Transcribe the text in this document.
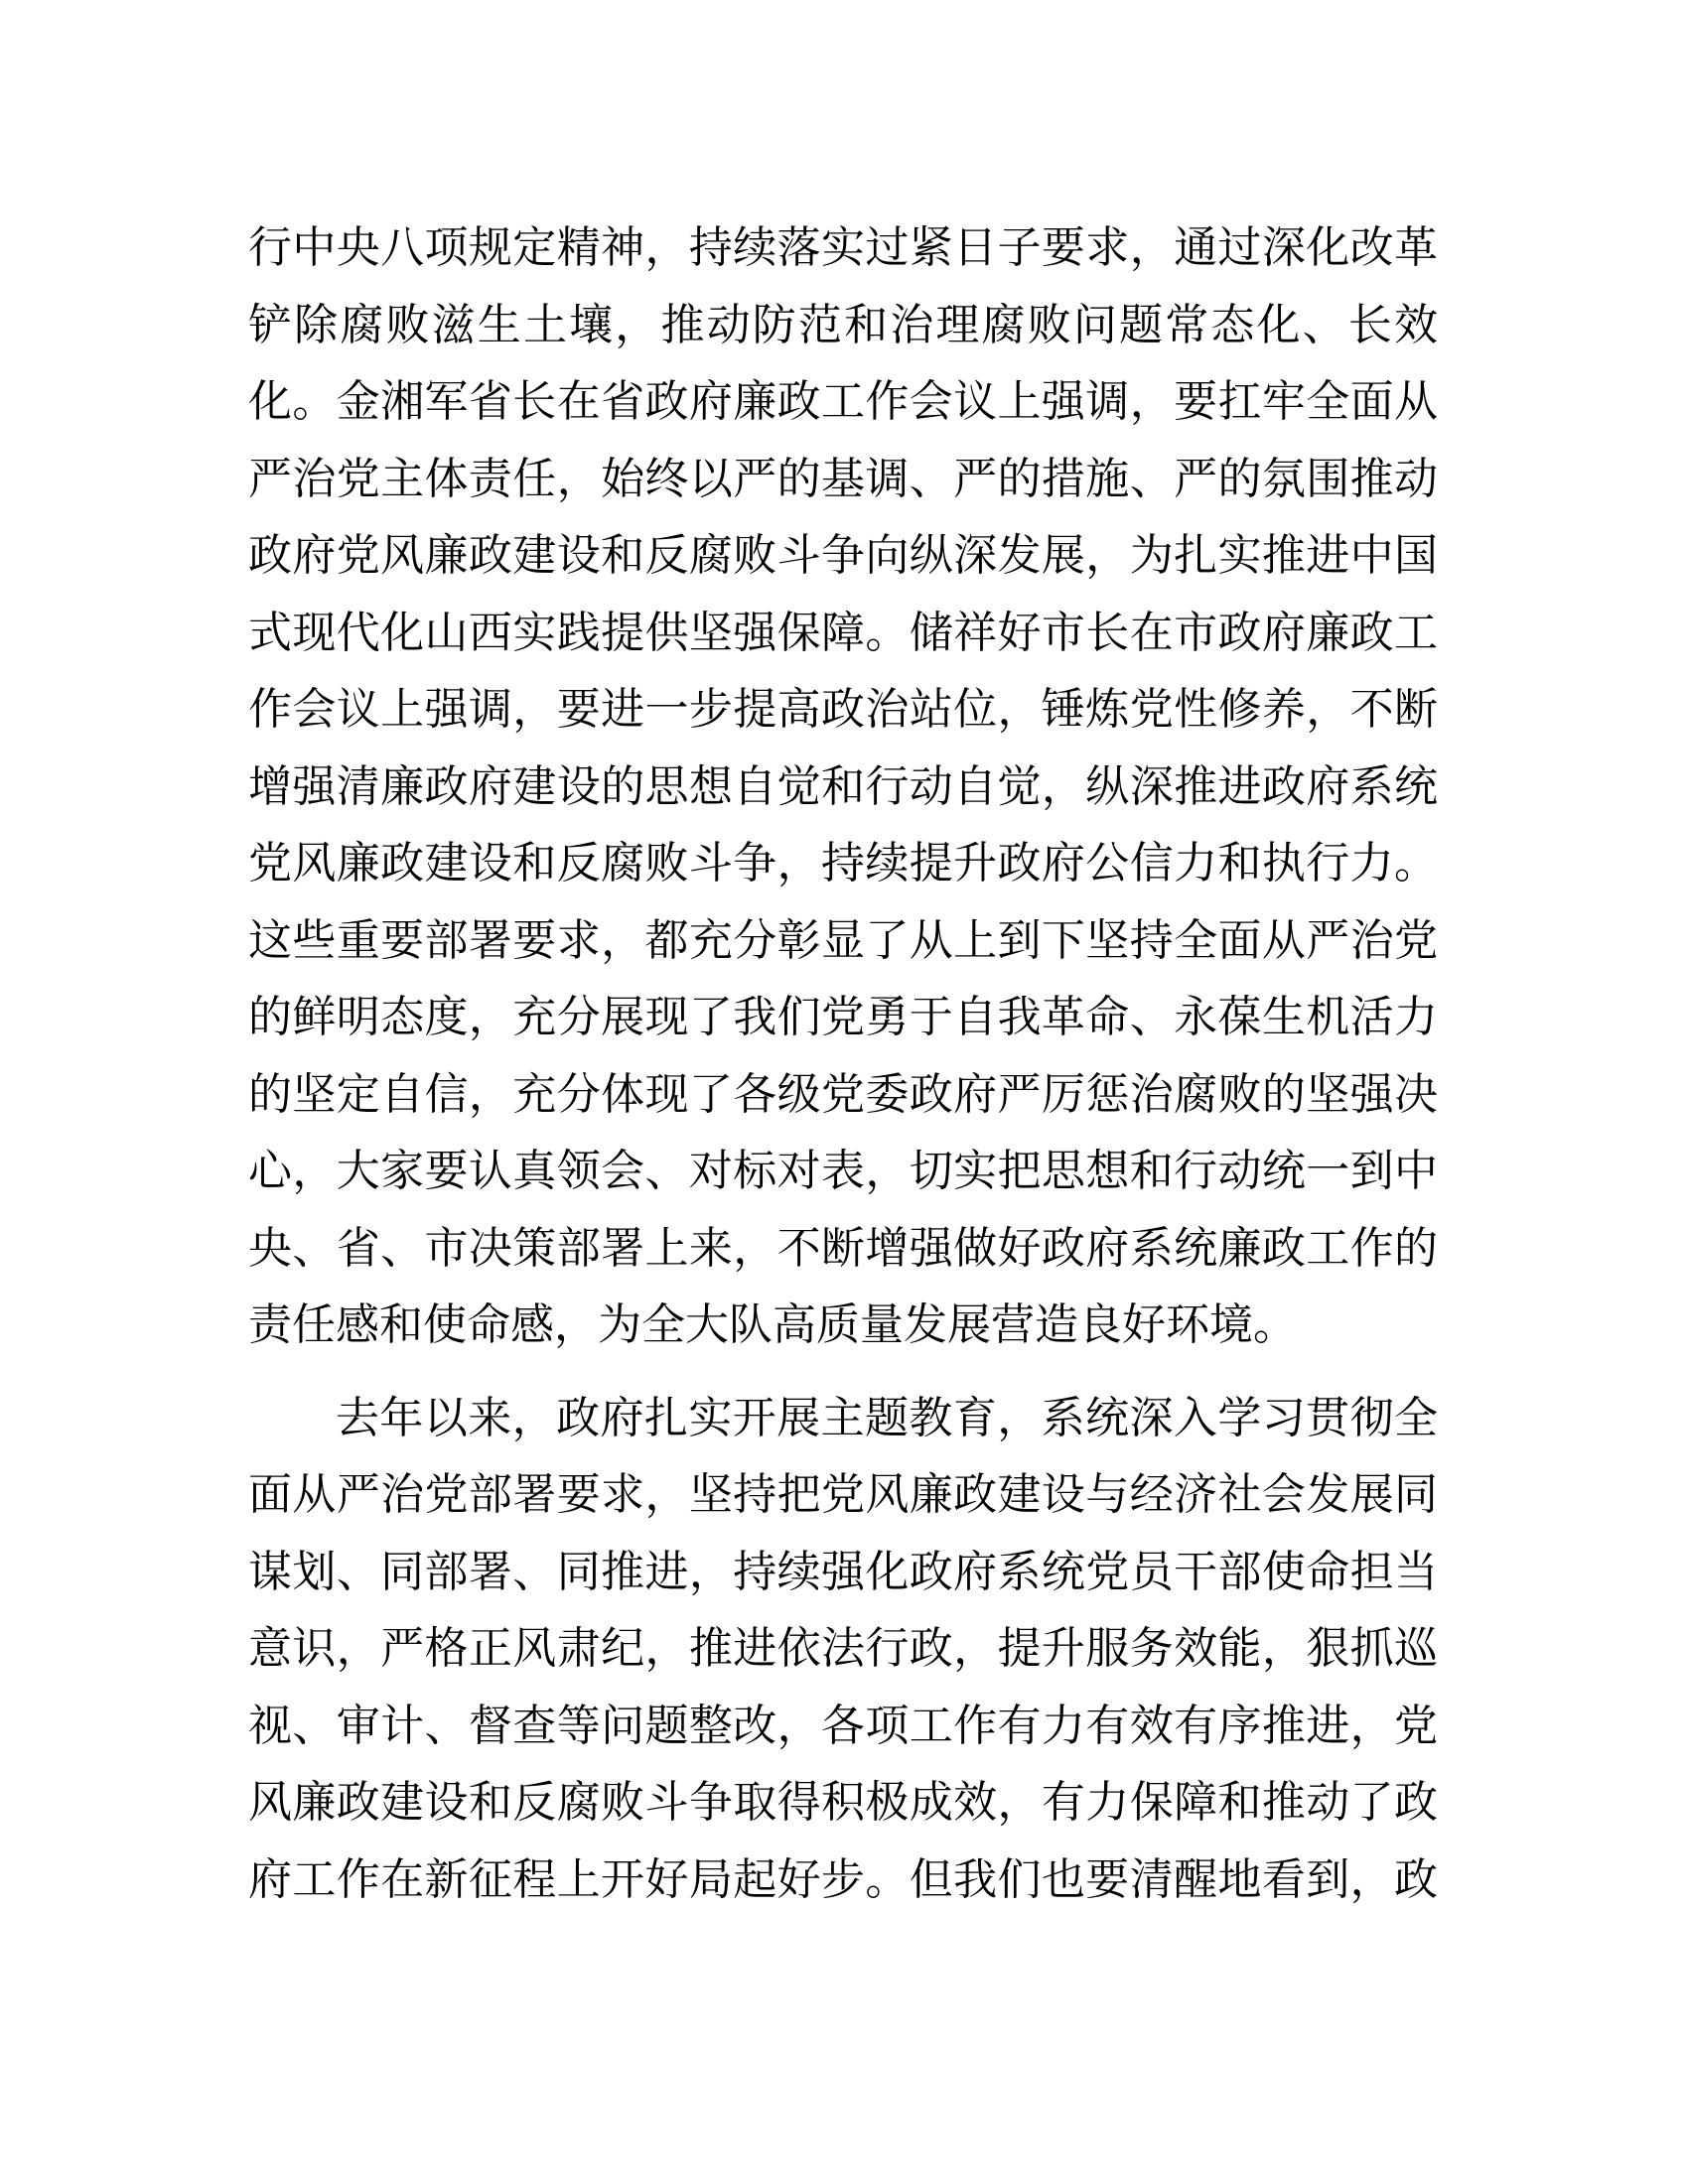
行中央八项规定精神，持续落实过紧日子要求，通过深化改革
铲除腐败滋生土壤，推动防范和治理腐败问题常态化、长效
化。金湘军省长在省政府廉政工作会议上强调，要扛牢全面从
严治党主体责任，始终以严的基调、严的措施、严的氛围推动
政府党风廉政建设和反腐败斗争向纵深发展，为扎实推进中国
式现代化山西实践提供坚强保障。储祥好市长在市政府廉政工
作会议上强调，要进一步提高政治站位，锤炼党性修养，不断
增强清廉政府建设的思想自觉和行动自觉，纵深推进政府系统
党风廉政建设和反腐败斗争，持续提升政府公信力和执行力。
这些重要部署要求，都充分彰显了从上到下坚持全面从严治党
的鲜明态度，充分展现了我们党勇于自我革命、永葆生机活力
的坚定自信，充分体现了各级党委政府严厉惩治腐败的坚强决
心，大家要认真领会、对标对表，切实把思想和行动统一到中
央、省、市决策部署上来，不断增强做好政府系统廉政工作的
责任感和使命感，为全大队高质量发展营造良好环境。
去年以来，政府扎实开展主题教育，系统深入学习贯彻全
面从严治党部署要求，坚持把党风廉政建设与经济社会发展同
谋划、同部署、同推进，持续强化政府系统党员干部使命担当
意识，严格正风肃纪，推进依法行政，提升服务效能，狠抓巡
视、审计、督查等问题整改，各项工作有力有效有序推进，党
风廉政建设和反腐败斗争取得积极成效，有力保障和推动了政
府工作在新征程上开好局起好步。但我们也要清醒地看到，政
